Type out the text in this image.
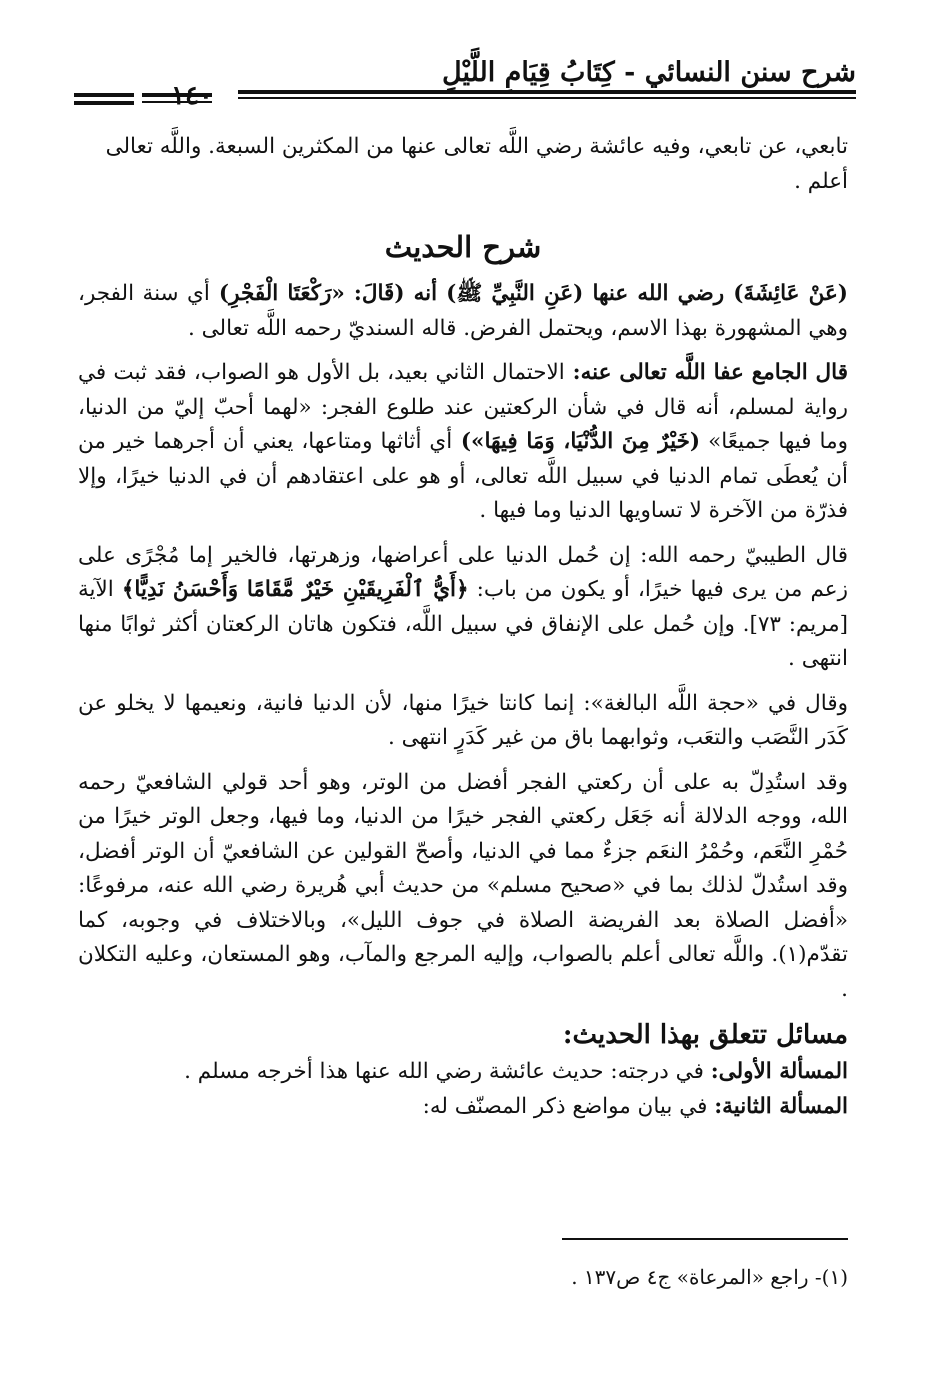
شرح سنن النسائي - كِتَابُ قِيَامِ اللَّيْلِ

تابعي، عن تابعي، وفيه عائشة رضي اللَّه تعالى عنها من المكثرين السبعة. واللَّه تعالى
أعلم .

شرح الحديث

(عَنْ عَائِشَةَ) رضي الله عنها (عَنِ النَّبِيِّ ﷺ) أنه (قَالَ: «رَكْعَتَا الْفَجْرِ) أي سنة الفجر، وهي المشهورة بهذا الاسم، ويحتمل الفرض. قاله السنديّ رحمه اللَّه تعالى .

قال الجامع عفا اللَّه تعالى عنه: الاحتمال الثاني بعيد، بل الأول هو الصواب، فقد ثبت في رواية لمسلم، أنه قال في شأن الركعتين عند طلوع الفجر: «لهما أحبّ إليّ من الدنيا، وما فيها جميعًا» (خَيْرٌ مِنَ الدُّنْيَا، وَمَا فِيهَا») أي أثاثها ومتاعها، يعني أن أجرهما خير من أن يُعطَى تمام الدنيا في سبيل اللَّه تعالى، أو هو على اعتقادهم أن في الدنيا خيرًا، وإلا فذرّة من الآخرة لا تساويها الدنيا وما فيها .

قال الطيبيّ رحمه الله: إن حُمل الدنيا على أعراضها، وزهرتها، فالخير إما مُجْرًى على زعم من يرى فيها خيرًا، أو يكون من باب: ﴿أَيُّ ٱلْفَرِيقَيْنِ خَيْرٌ مَّقَامًا وَأَحْسَنُ نَدِيًّا﴾ الآية [مريم: ٧٣]. وإن حُمل على الإنفاق في سبيل اللَّه، فتكون هاتان الركعتان أكثر ثوابًا منها انتهى .

وقال في «حجة اللَّه البالغة»: إنما كانتا خيرًا منها، لأن الدنيا فانية، ونعيمها لا يخلو عن كَدَر النَّصَب والتعَب، وثوابهما باق من غير كَدَرٍ انتهى .

وقد استُدِلّ به على أن ركعتي الفجر أفضل من الوتر، وهو أحد قولي الشافعيّ رحمه الله، ووجه الدلالة أنه جَعَل ركعتي الفجر خيرًا من الدنيا، وما فيها، وجعل الوتر خيرًا من حُمْرِ النَّعَم، وحُمْرُ النعَم جزءٌ مما في الدنيا، وأصحّ القولين عن الشافعيّ أن الوتر أفضل، وقد استُدلّ لذلك بما في «صحيح مسلم» من حديث أبي هُريرة رضي الله عنه، مرفوعًا: «أفضل الصلاة بعد الفريضة الصلاة في جوف الليل»، وبالاختلاف في وجوبه، كما تقدّم(١). واللَّه تعالى أعلم بالصواب، وإليه المرجع والمآب، وهو المستعان، وعليه التكلان .

مسائل تتعلق بهذا الحديث:

المسألة الأولى: في درجته: حديث عائشة رضي الله عنها هذا أخرجه مسلم .

المسألة الثانية: في بيان مواضع ذكر المصنّف له:

(١)- راجع «المرعاة» ج٤ ص١٣٧ .
